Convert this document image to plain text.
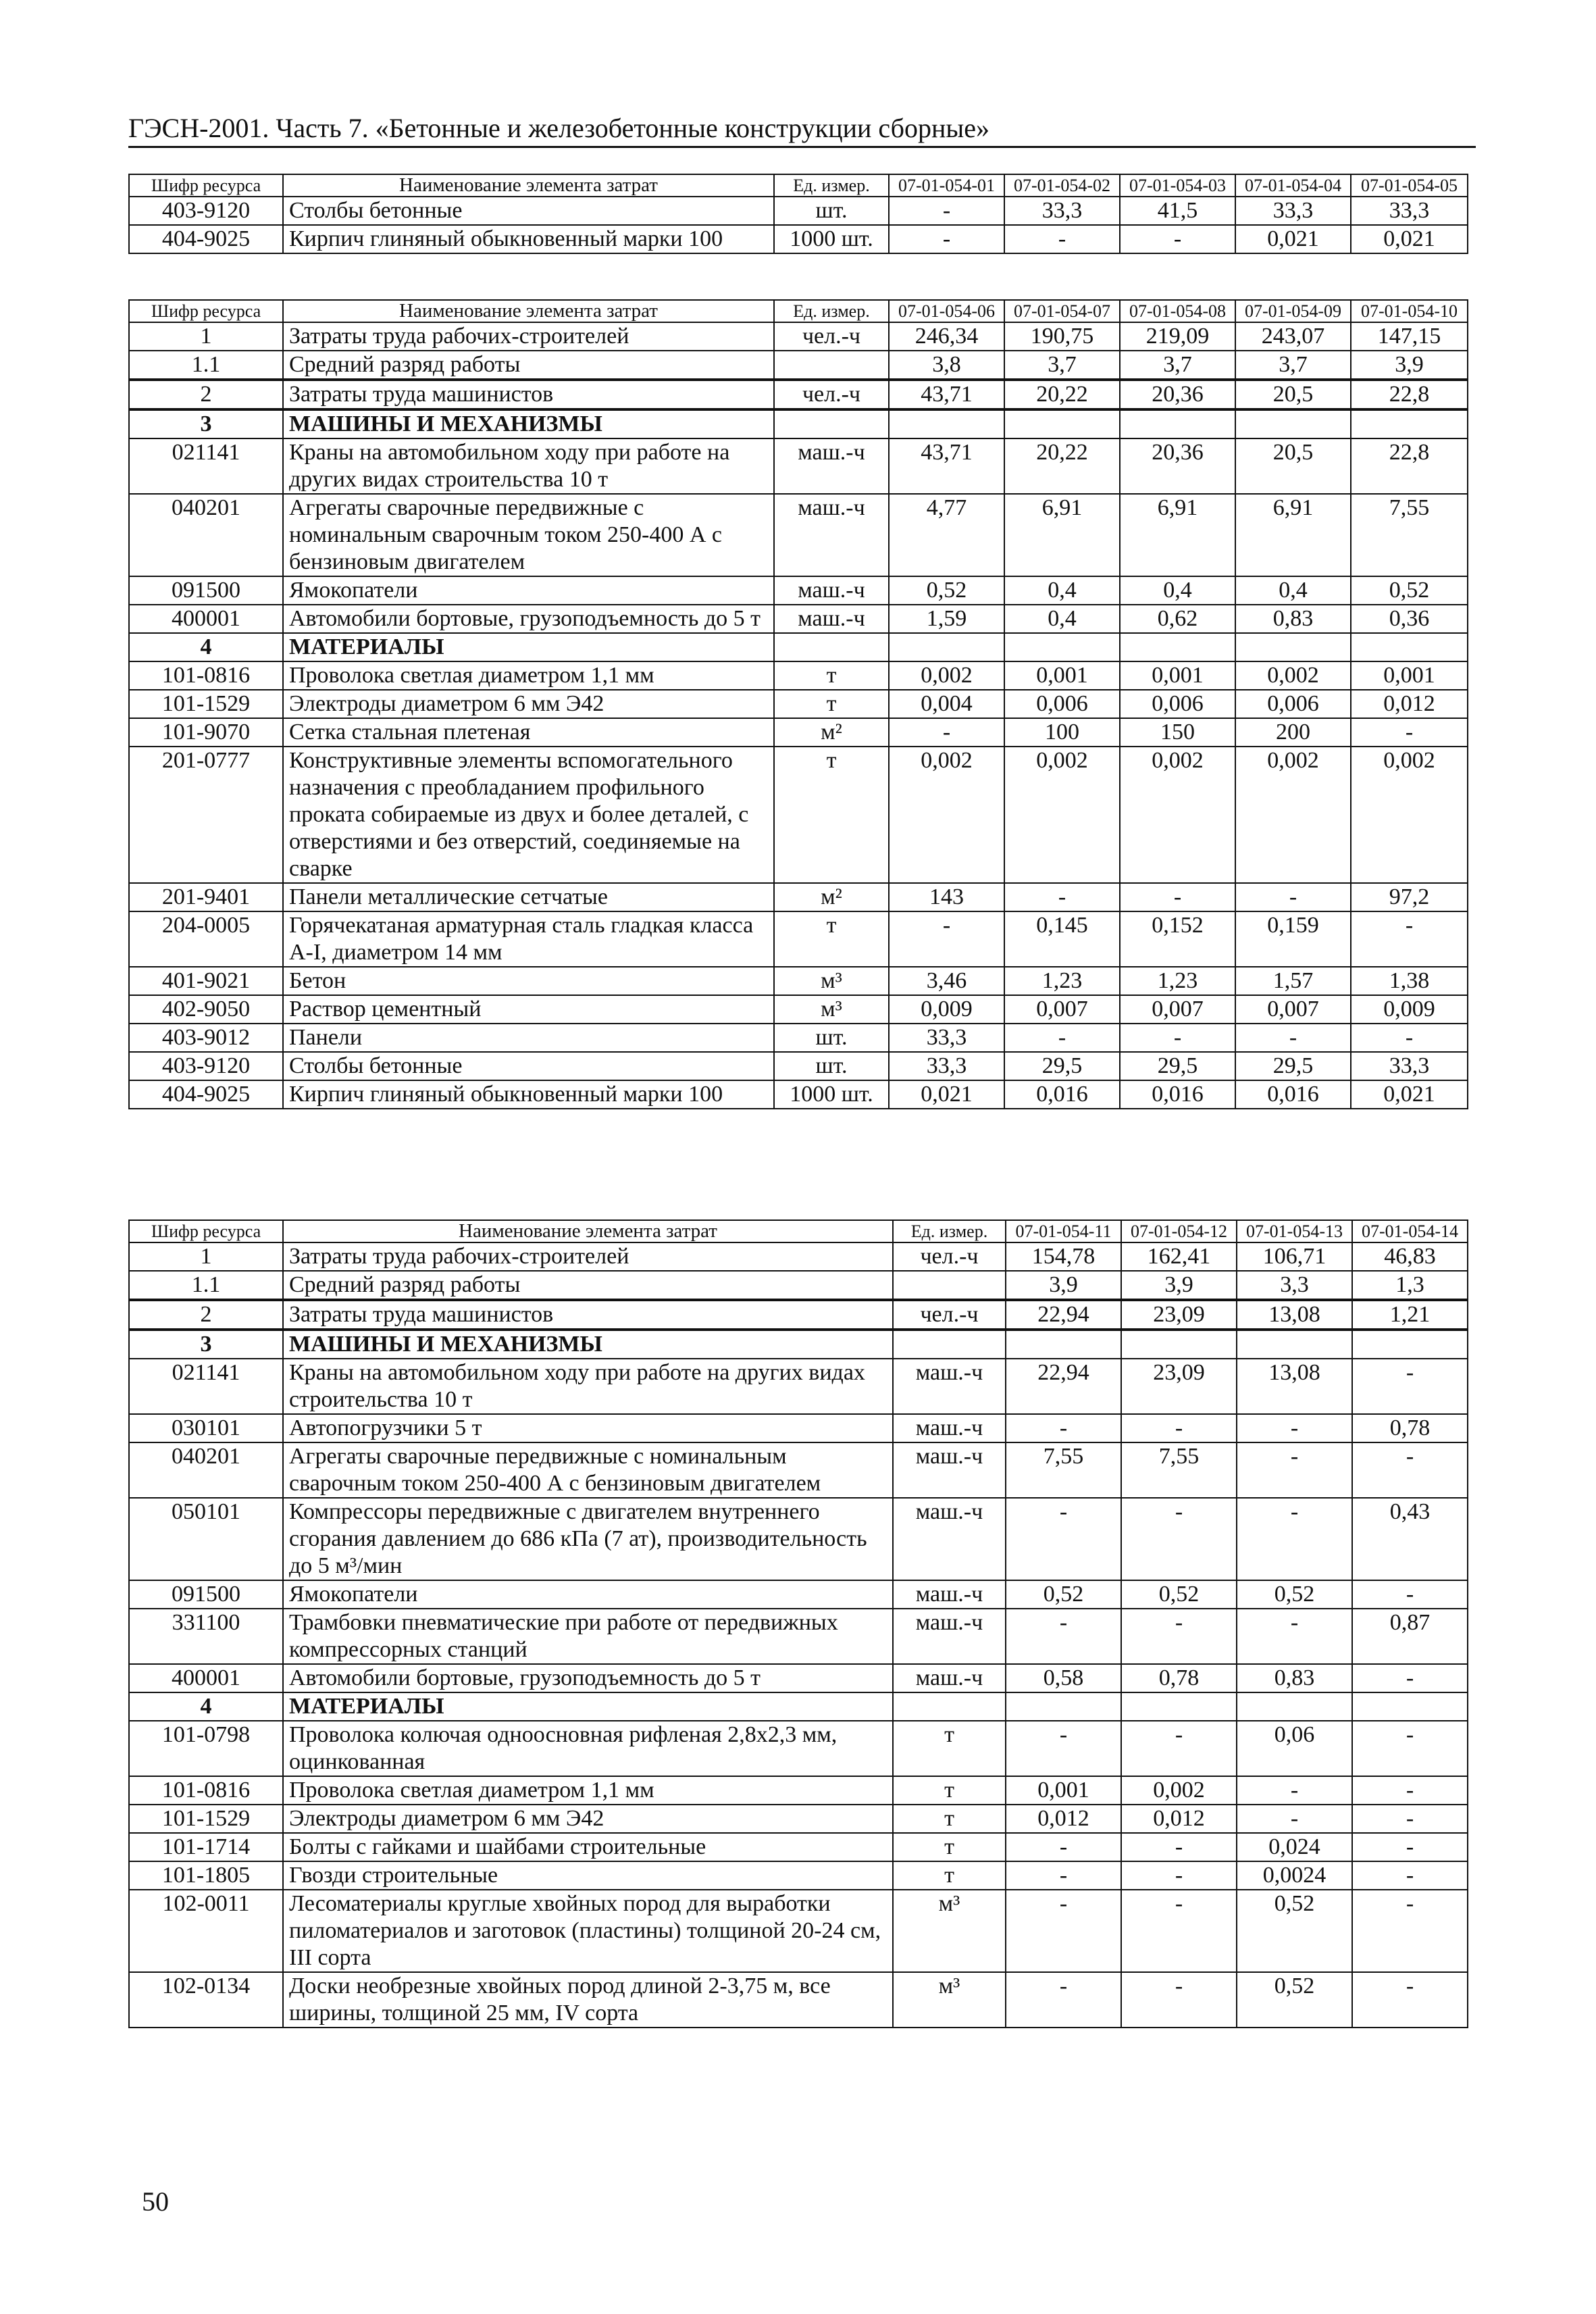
ГЭСН-2001. Часть 7. «Бетонные и железобетонные конструкции сборные»
Шифр ресурса	Наименование элемента затрат	Ед. измер.	07-01-054-01	07-01-054-02	07-01-054-03	07-01-054-04	07-01-054-05
403-9120	Столбы бетонные	шт.	-	33,3	41,5	33,3	33,3
404-9025	Кирпич глиняный обыкновенный марки 100	1000 шт.	-	-	-	0,021	0,021
Шифр ресурса	Наименование элемента затрат	Ед. измер.	07-01-054-06	07-01-054-07	07-01-054-08	07-01-054-09	07-01-054-10
1	Затраты труда рабочих-строителей	чел.-ч	246,34	190,75	219,09	243,07	147,15
1.1	Средний разряд работы		3,8	3,7	3,7	3,7	3,9
2	Затраты труда машинистов	чел.-ч	43,71	20,22	20,36	20,5	22,8
3	МАШИНЫ И МЕХАНИЗМЫ						
021141	Краны на автомобильном ходу при работе на других видах строительства 10 т	маш.-ч	43,71	20,22	20,36	20,5	22,8
040201	Агрегаты сварочные передвижные с номинальным сварочным током 250-400 А с бензиновым двигателем	маш.-ч	4,77	6,91	6,91	6,91	7,55
091500	Ямокопатели	маш.-ч	0,52	0,4	0,4	0,4	0,52
400001	Автомобили бортовые, грузоподъемность до 5 т	маш.-ч	1,59	0,4	0,62	0,83	0,36
4	МАТЕРИАЛЫ						
101-0816	Проволока светлая диаметром 1,1 мм	т	0,002	0,001	0,001	0,002	0,001
101-1529	Электроды диаметром 6 мм Э42	т	0,004	0,006	0,006	0,006	0,012
101-9070	Сетка стальная плетеная	м²	-	100	150	200	-
201-0777	Конструктивные элементы вспомогательного назначения с преобладанием профильного проката собираемые из двух и более деталей, с отверстиями и без отверстий, соединяемые на сварке	т	0,002	0,002	0,002	0,002	0,002
201-9401	Панели металлические сетчатые	м²	143	-	-	-	97,2
204-0005	Горячекатаная арматурная сталь гладкая класса А-I, диаметром 14 мм	т	-	0,145	0,152	0,159	-
401-9021	Бетон	м³	3,46	1,23	1,23	1,57	1,38
402-9050	Раствор цементный	м³	0,009	0,007	0,007	0,007	0,009
403-9012	Панели	шт.	33,3	-	-	-	-
403-9120	Столбы бетонные	шт.	33,3	29,5	29,5	29,5	33,3
404-9025	Кирпич глиняный обыкновенный марки 100	1000 шт.	0,021	0,016	0,016	0,016	0,021
Шифр ресурса	Наименование элемента затрат	Ед. измер.	07-01-054-11	07-01-054-12	07-01-054-13	07-01-054-14
1	Затраты труда рабочих-строителей	чел.-ч	154,78	162,41	106,71	46,83
1.1	Средний разряд работы		3,9	3,9	3,3	1,3
2	Затраты труда машинистов	чел.-ч	22,94	23,09	13,08	1,21
3	МАШИНЫ И МЕХАНИЗМЫ					
021141	Краны на автомобильном ходу при работе на других видах строительства 10 т	маш.-ч	22,94	23,09	13,08	-
030101	Автопогрузчики 5 т	маш.-ч	-	-	-	0,78
040201	Агрегаты сварочные передвижные с номинальным сварочным током 250-400 А с бензиновым двигателем	маш.-ч	7,55	7,55	-	-
050101	Компрессоры передвижные с двигателем внутреннего сгорания давлением до 686 кПа (7 ат), производительность до 5 м³/мин	маш.-ч	-	-	-	0,43
091500	Ямокопатели	маш.-ч	0,52	0,52	0,52	-
331100	Трамбовки пневматические при работе от передвижных компрессорных станций	маш.-ч	-	-	-	0,87
400001	Автомобили бортовые, грузоподъемность до 5 т	маш.-ч	0,58	0,78	0,83	-
4	МАТЕРИАЛЫ					
101-0798	Проволока колючая одноосновная рифленая 2,8х2,3 мм, оцинкованная	т	-	-	0,06	-
101-0816	Проволока светлая диаметром 1,1 мм	т	0,001	0,002	-	-
101-1529	Электроды диаметром 6 мм Э42	т	0,012	0,012	-	-
101-1714	Болты с гайками и шайбами строительные	т	-	-	0,024	-
101-1805	Гвозди строительные	т	-	-	0,0024	-
102-0011	Лесоматериалы круглые хвойных пород для выработки пиломатериалов и заготовок (пластины) толщиной 20-24 см, III сорта	м³	-	-	0,52	-
102-0134	Доски необрезные хвойных пород длиной 2-3,75 м, все ширины, толщиной 25 мм, IV сорта	м³	-	-	0,52	-
50
